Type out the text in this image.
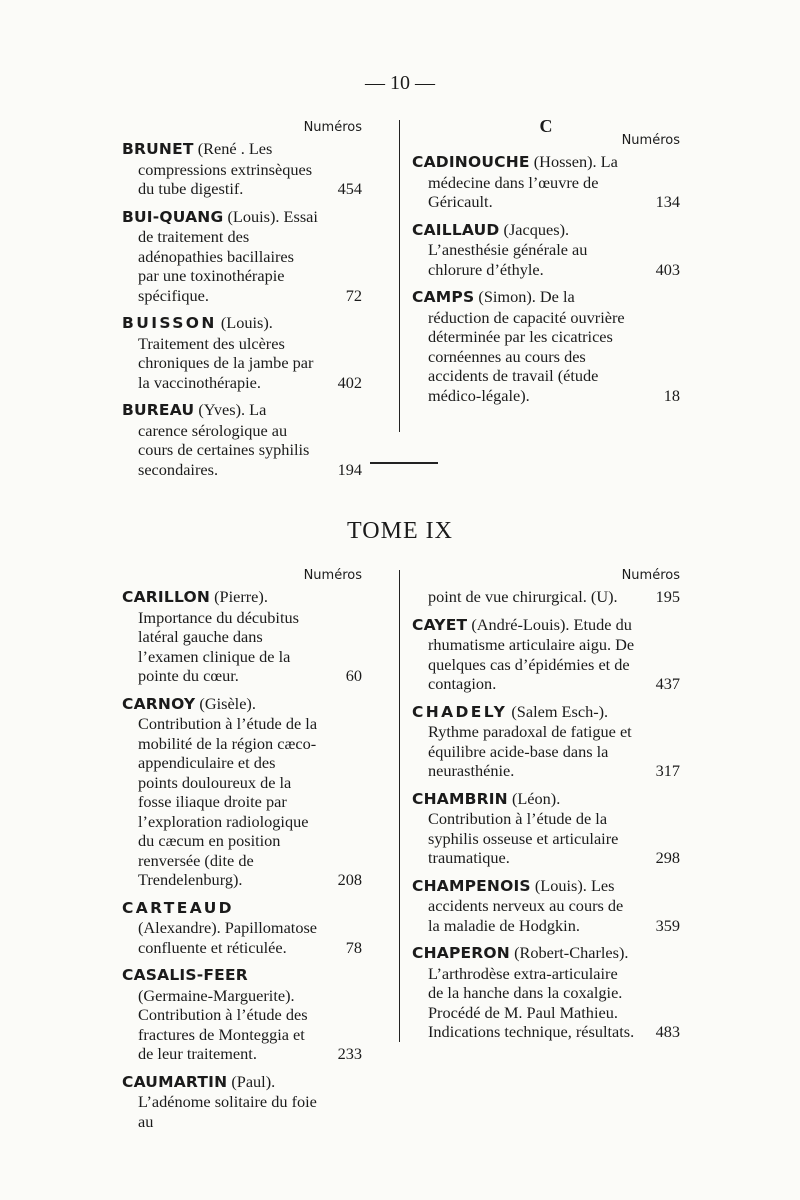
— 10 —
Numéros

BRUNET (René . Les compressions extrinsèques du tube digestif.	454

BUI-QUANG (Louis). Essai de traitement des adénopathies bacillaires par une toxinothérapie spécifique.	72

BUISSON (Louis). Traitement des ulcères chroniques de la jambe par la vaccinothérapie.	402

BUREAU (Yves). La carence sérologique au cours de certaines syphilis secondaires.	194
C
Numéros

CADINOUCHE (Hossen). La médecine dans l’œuvre de Géricault.	134

CAILLAUD (Jacques). L’anesthésie générale au chlorure d’éthyle.	403

CAMPS (Simon). De la réduction de capacité ouvrière déterminée par les cicatrices cornéennes au cours des accidents de travail (étude médico-légale).	18
TOME IX
Numéros

CARILLON (Pierre). Importance du décubitus latéral gauche dans l’examen clinique de la pointe du cœur.	60

CARNOY (Gisèle). Contribution à l’étude de la mobilité de la région cæco-appendiculaire et des points douloureux de la fosse iliaque droite par l’exploration radiologique du cæcum en position renversée (dite de Trendelenburg).	208

CARTEAUD (Alexandre). Papillomatose confluente et réticulée.	78

CASALIS-FEER (Germaine-Marguerite). Contribution à l’étude des fractures de Monteggia et de leur traitement.	233

CAUMARTIN (Paul). L’adénome solitaire du foie au

Numéros

point de vue chirurgical. (U).	195

CAYET (André-Louis). Etude du rhumatisme articulaire aigu. De quelques cas d’épidémies et de contagion.	437

CHADELY (Salem Esch-). Rythme paradoxal de fatigue et équilibre acide-base dans la neurasthénie.	317

CHAMBRIN (Léon). Contribution à l’étude de la syphilis osseuse et articulaire traumatique.	298

CHAMPENOIS (Louis). Les accidents nerveux au cours de la maladie de Hodgkin.	359

CHAPERON (Robert-Charles). L’arthrodèse extra-articulaire de la hanche dans la coxalgie. Procédé de M. Paul Mathieu. Indications technique, résultats. 483
